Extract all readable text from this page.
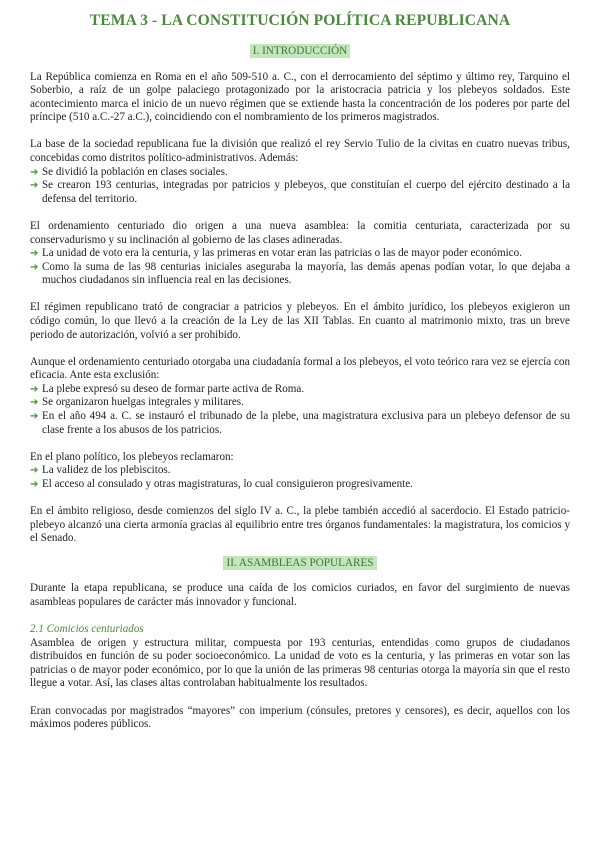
TEMA 3 - LA CONSTITUCIÓN POLÍTICA REPUBLICANA
I. INTRODUCCIÓN

La República comienza en Roma en el año 509-510 a. C., con el derrocamiento del séptimo y último rey, Tarquino el Soberbio, a raíz de un golpe palaciego protagonizado por la aristocracia patricia y los plebeyos soldados. Este acontecimiento marca el inicio de un nuevo régimen que se extiende hasta la concentración de los poderes por parte del príncipe (510 a.C.-27 a.C.), coincidiendo con el nombramiento de los primeros magistrados.

La base de la sociedad republicana fue la división que realizó el rey Servio Tulio de la civitas en cuatro nuevas tribus, concebidas como distritos político-administrativos. Además:

➔ Se dividió la población en clases sociales.
➔ Se crearon 193 centurias, integradas por patricios y plebeyos, que constituían el cuerpo del ejército destinado a la defensa del territorio.

El ordenamiento centuriado dio origen a una nueva asamblea: la comitia centuriata, caracterizada por su conservadurismo y su inclinación al gobierno de las clases adineradas.

➔ La unidad de voto era la centuria, y las primeras en votar eran las patricias o las de mayor poder económico.
➔ Como la suma de las 98 centurias iniciales aseguraba la mayoría, las demás apenas podían votar, lo que dejaba a muchos ciudadanos sin influencia real en las decisiones.

El régimen republicano trató de congraciar a patricios y plebeyos. En el ámbito jurídico, los plebeyos exigieron un código común, lo que llevó a la creación de la Ley de las XII Tablas. En cuanto al matrimonio mixto, tras un breve periodo de autorización, volvió a ser prohibido.

Aunque el ordenamiento centuriado otorgaba una ciudadanía formal a los plebeyos, el voto teórico rara vez se ejercía con eficacia. Ante esta exclusión:

➔ La plebe expresó su deseo de formar parte activa de Roma.
➔ Se organizaron huelgas integrales y militares.
➔ En el año 494 a. C. se instauró el tribunado de la plebe, una magistratura exclusiva para un plebeyo defensor de su clase frente a los abusos de los patricios.

En el plano político, los plebeyos reclamaron:

➔ La validez de los plebiscitos.
➔ El acceso al consulado y otras magistraturas, lo cual consiguieron progresivamente.

En el ámbito religioso, desde comienzos del siglo IV a. C., la plebe también accedió al sacerdocio. El Estado patricio-plebeyo alcanzó una cierta armonía gracias al equilibrio entre tres órganos fundamentales: la magistratura, los comicios y el Senado.

II. ASAMBLEAS POPULARES

Durante la etapa republicana, se produce una caída de los comicios curiados, en favor del surgimiento de nuevas asambleas populares de carácter más innovador y funcional.

2.1 Comicios centuriados

Asamblea de origen y estructura militar, compuesta por 193 centurias, entendidas como grupos de ciudadanos distribuidos en función de su poder socioeconómico. La unidad de voto es la centuria, y las primeras en votar son las patricias o de mayor poder económico, por lo que la unión de las primeras 98 centurias otorga la mayoría sin que el resto llegue a votar. Así, las clases altas controlaban habitualmente los resultados.

Eran convocadas por magistrados “mayores” con imperium (cónsules, pretores y censores), es decir, aquellos con los máximos poderes públicos.
